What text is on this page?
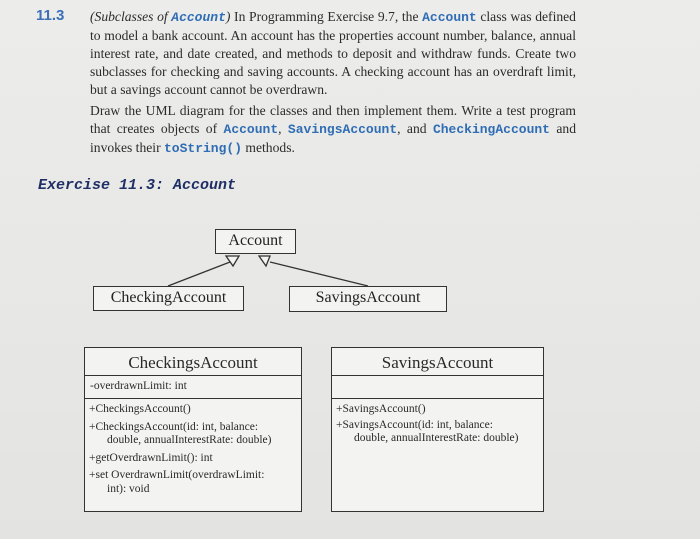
11.3 (Subclasses of Account) In Programming Exercise 9.7, the Account class was defined to model a bank account. An account has the properties account number, balance, annual interest rate, and date created, and methods to deposit and withdraw funds. Create two subclasses for checking and saving accounts. A checking account has an overdraft limit, but a savings account cannot be overdrawn.
Draw the UML diagram for the classes and then implement them. Write a test program that creates objects of Account, SavingsAccount, and CheckingAccount and invokes their toString() methods.
Exercise 11.3: Account
Account
CheckingAccount	SavingsAccount
CheckingsAccount
-overdrawnLimit: int
+CheckingsAccount()
+CheckingsAccount(id: int, balance:
double, annualInterestRate: double)
+getOverdrawnLimit(): int
+set OverdrawnLimit(overdrawLimit:
int): void
SavingsAccount
+SavingsAccount()
+SavingsAccount(id: int, balance:
double, annualInterestRate: double)
